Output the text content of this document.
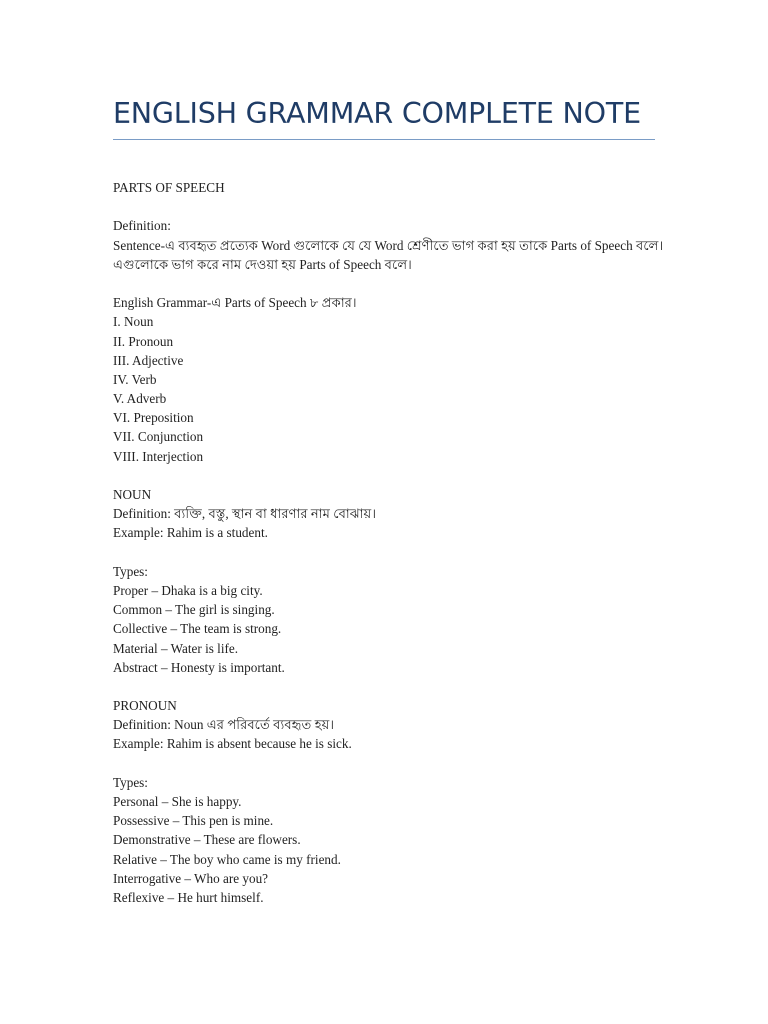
ENGLISH GRAMMAR COMPLETE NOTE
PARTS OF SPEECH
Definition:
Sentence-এ ব্যবহৃত প্রত্যেক Word গুলোকে যে যে Word শ্রেণীতে ভাগ করা হয় তাকে Parts of Speech বলে।
এগুলোকে ভাগ করে নাম দেওয়া হয় Parts of Speech বলে।
English Grammar-এ Parts of Speech ৮ প্রকার।
I. Noun
II. Pronoun
III. Adjective
IV. Verb
V. Adverb
VI. Preposition
VII. Conjunction
VIII. Interjection
NOUN
Definition: ব্যক্তি, বস্তু, স্থান বা ধারণার নাম বোঝায়।
Example: Rahim is a student.
Types:
Proper – Dhaka is a big city.
Common – The girl is singing.
Collective – The team is strong.
Material – Water is life.
Abstract – Honesty is important.
PRONOUN
Definition: Noun এর পরিবর্তে ব্যবহৃত হয়।
Example: Rahim is absent because he is sick.
Types:
Personal – She is happy.
Possessive – This pen is mine.
Demonstrative – These are flowers.
Relative – The boy who came is my friend.
Interrogative – Who are you?
Reflexive – He hurt himself.
